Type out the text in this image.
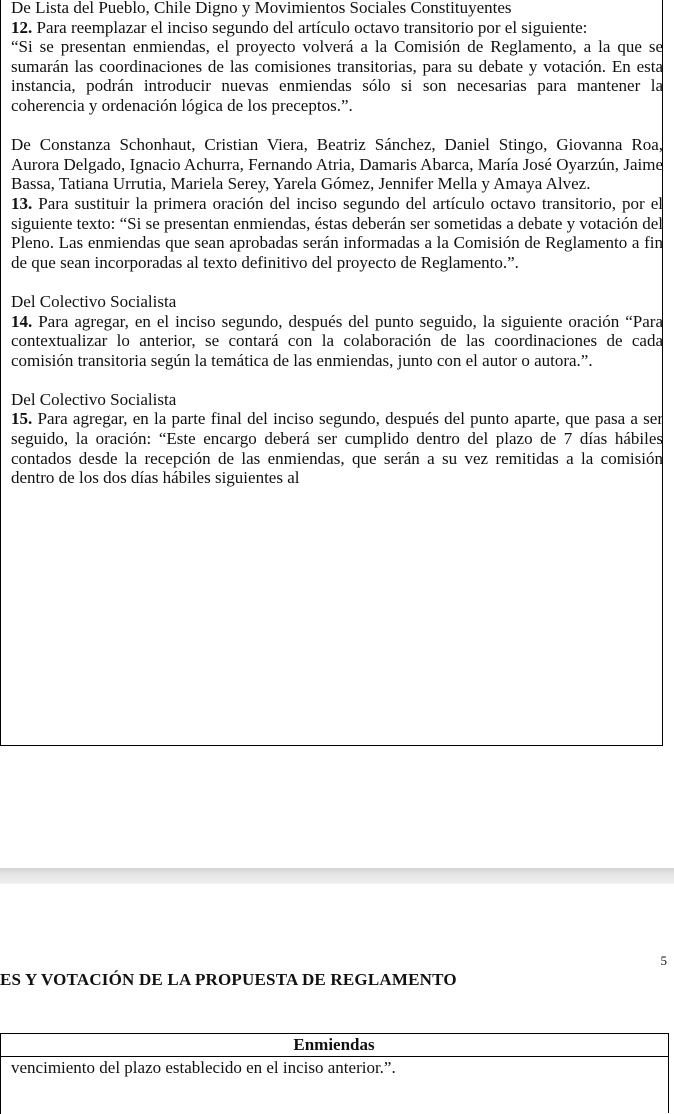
De Lista del Pueblo, Chile Digno y Movimientos Sociales Constituyentes

12. Para reemplazar el inciso segundo del artículo octavo transitorio por el siguiente:

“Si se presentan enmiendas, el proyecto volverá a la Comisión de Reglamento, a la que se sumarán las coordinaciones de las comisiones transitorias, para su debate y votación. En esta instancia, podrán introducir nuevas enmiendas sólo si son necesarias para mantener la coherencia y ordenación lógica de los preceptos.”.

De Constanza Schonhaut, Cristian Viera, Beatriz Sánchez, Daniel Stingo, Giovanna Roa, Aurora Delgado, Ignacio Achurra, Fernando Atria, Damaris Abarca, María José Oyarzún, Jaime Bassa, Tatiana Urrutia, Mariela Serey, Yarela Gómez, Jennifer Mella y Amaya Alvez.

13. Para sustituir la primera oración del inciso segundo del artículo octavo transitorio, por el siguiente texto: “Si se presentan enmiendas, éstas deberán ser sometidas a debate y votación del Pleno. Las enmiendas que sean aprobadas serán informadas a la Comisión de Reglamento a fin de que sean incorporadas al texto definitivo del proyecto de Reglamento.”.

Del Colectivo Socialista

14. Para agregar, en el inciso segundo, después del punto seguido, la siguiente oración “Para contextualizar lo anterior, se contará con la colaboración de las coordinaciones de cada comisión transitoria según la temática de las enmiendas, junto con el autor o autora.”.

Del Colectivo Socialista

15. Para agregar, en la parte final del inciso segundo, después del punto aparte, que pasa a ser seguido, la oración: “Este encargo deberá ser cumplido dentro del plazo de 7 días hábiles contados desde la recepción de las enmiendas, que serán a su vez remitidas a la comisión dentro de los dos días hábiles siguientes al

5
ES Y VOTACIÓN DE LA PROPUESTA DE REGLAMENTO
Enmiendas
vencimiento del plazo establecido en el inciso anterior.”.
